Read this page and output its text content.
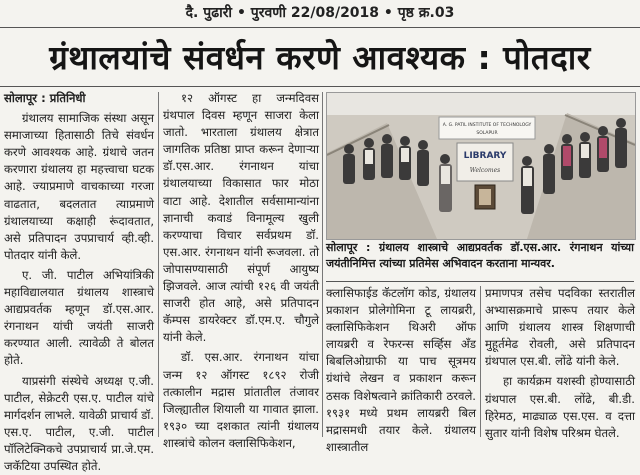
दै. पुढारी • पुरवणी 22/08/2018 • पृष्ठ क्र.03
ग्रंथालयांचे संवर्धन करणे आवश्यक : पोतदार

सोलापूर : प्रतिनिधी

ग्रंथालय सामाजिक संस्था असून समाजाच्या हितासाठी तिचे संवर्धन करणे आवश्यक आहे. ग्रंथाचे जतन करणारा ग्रंथालय हा महत्त्वाचा घटक आहे. ज्याप्रमाणे वाचकाच्या गरजा वाढतात, बदलतात त्याप्रमाणे ग्रंथालयाच्या कक्षाही रूंदावतात, असे प्रतिपादन उपप्राचार्य व्ही.व्ही. पोतदार यांनी केले.

ए. जी. पाटील अभियांत्रिकी महाविद्यालयात ग्रंथालय शास्त्राचे आद्यप्रवर्तक म्हणून डॉ.एस.आर. रंगनाथन यांची जयंती साजरी करण्यात आली. त्यावेळी ते बोलत होते.

याप्रसंगी संस्थेचे अध्यक्ष ए.जी. पाटील, सेक्रेटरी एस.ए. पाटील यांचे मार्गदर्शन लाभले. यावेळी प्राचार्य डॉ. एस.ए. पाटील, ए.जी. पाटील पॉलिटेक्निकचे उपप्राचार्य प्रा.जे.एम. जकॅटिया उपस्थित होते.

१२ ऑगस्ट हा जन्मदिवस ग्रंथपाल दिवस म्हणून साजरा केला जातो. भारताला ग्रंथालय क्षेत्रात जागतिक प्रतिष्ठा प्राप्त करून देणाऱ्या डॉ.एस.आर. रंगनाथन यांचा ग्रंथालयाच्या विकासात फार मोठा वाटा आहे. देशातील सर्वसामान्यांना ज्ञानाची कवाडं विनामूल्य खुली करण्याचा विचार सर्वप्रथम डॉ. एस.आर. रंगनाथन यांनी रूजवला. तो जोपासण्यासाठी संपूर्ण आयुष्य झिजवले. आज त्यांची १२६ वी जयंती साजरी होत आहे, असे प्रतिपादन कॅम्पस डायरेक्टर डॉ.एम.ए. चौगुले यांनी केले.

डॉ. एस.आर. रंगनाथन यांचा जन्म १२ ऑगस्ट १८९२ रोजी तत्कालीन मद्रास प्रांतातील तंजावर जिल्ह्यातील शियाली या गावात झाला. १९३० च्या दशकात त्यांनी ग्रंथालय शास्त्रांचे कोलन क्लासिफिकेशन,

A. G. PATIL INSTITUTE OF TECHNOLOGY
SOLAPUR
LIBRARY
Welcomes
सोलापूर : ग्रंथालय शास्त्राचे आद्यप्रवर्तक डॉ.एस.आर. रंगनाथन यांच्या जयंतीनिमित्त त्यांच्या प्रतिमेस अभिवादन करताना मान्यवर.

क्लासिफाईड कॅटलॉग कोड, ग्रंथालय प्रकाशन प्रोलेगोमिना टू लायब्ररी, क्लासिफिकेशन थिअरी ऑफ लायब्ररी व रेफरन्स सर्व्हिस अँड बिबलिओग्राफी या पाच सूत्रमय ग्रंथांचे लेखन व प्रकाशन करून ठसक विशेषत्वाने क्रांतिकारी ठरवले. १९३१ मध्ये प्रथम लायब्ररी बिल मद्रासमधी तयार केले. ग्रंथालय शास्त्रातील

प्रमाणपत्र तसेच पदविका स्तरातील अभ्यासक्रमाचे प्रारूप तयार केले आणि ग्रंथालय शास्त्र शिक्षणाची मुहूर्तमेढ रोवली, असे प्रतिपादन ग्रंथपाल एस.बी. लोंढे यांनी केले.

हा कार्यक्रम यशस्वी होण्यासाठी ग्रंथपाल एस.बी. लोंढे, बी.डी. हिरेमठ, माढ्याळ एस.एस. व दत्ता सुतार यांनी विशेष परिश्रम घेतले.
